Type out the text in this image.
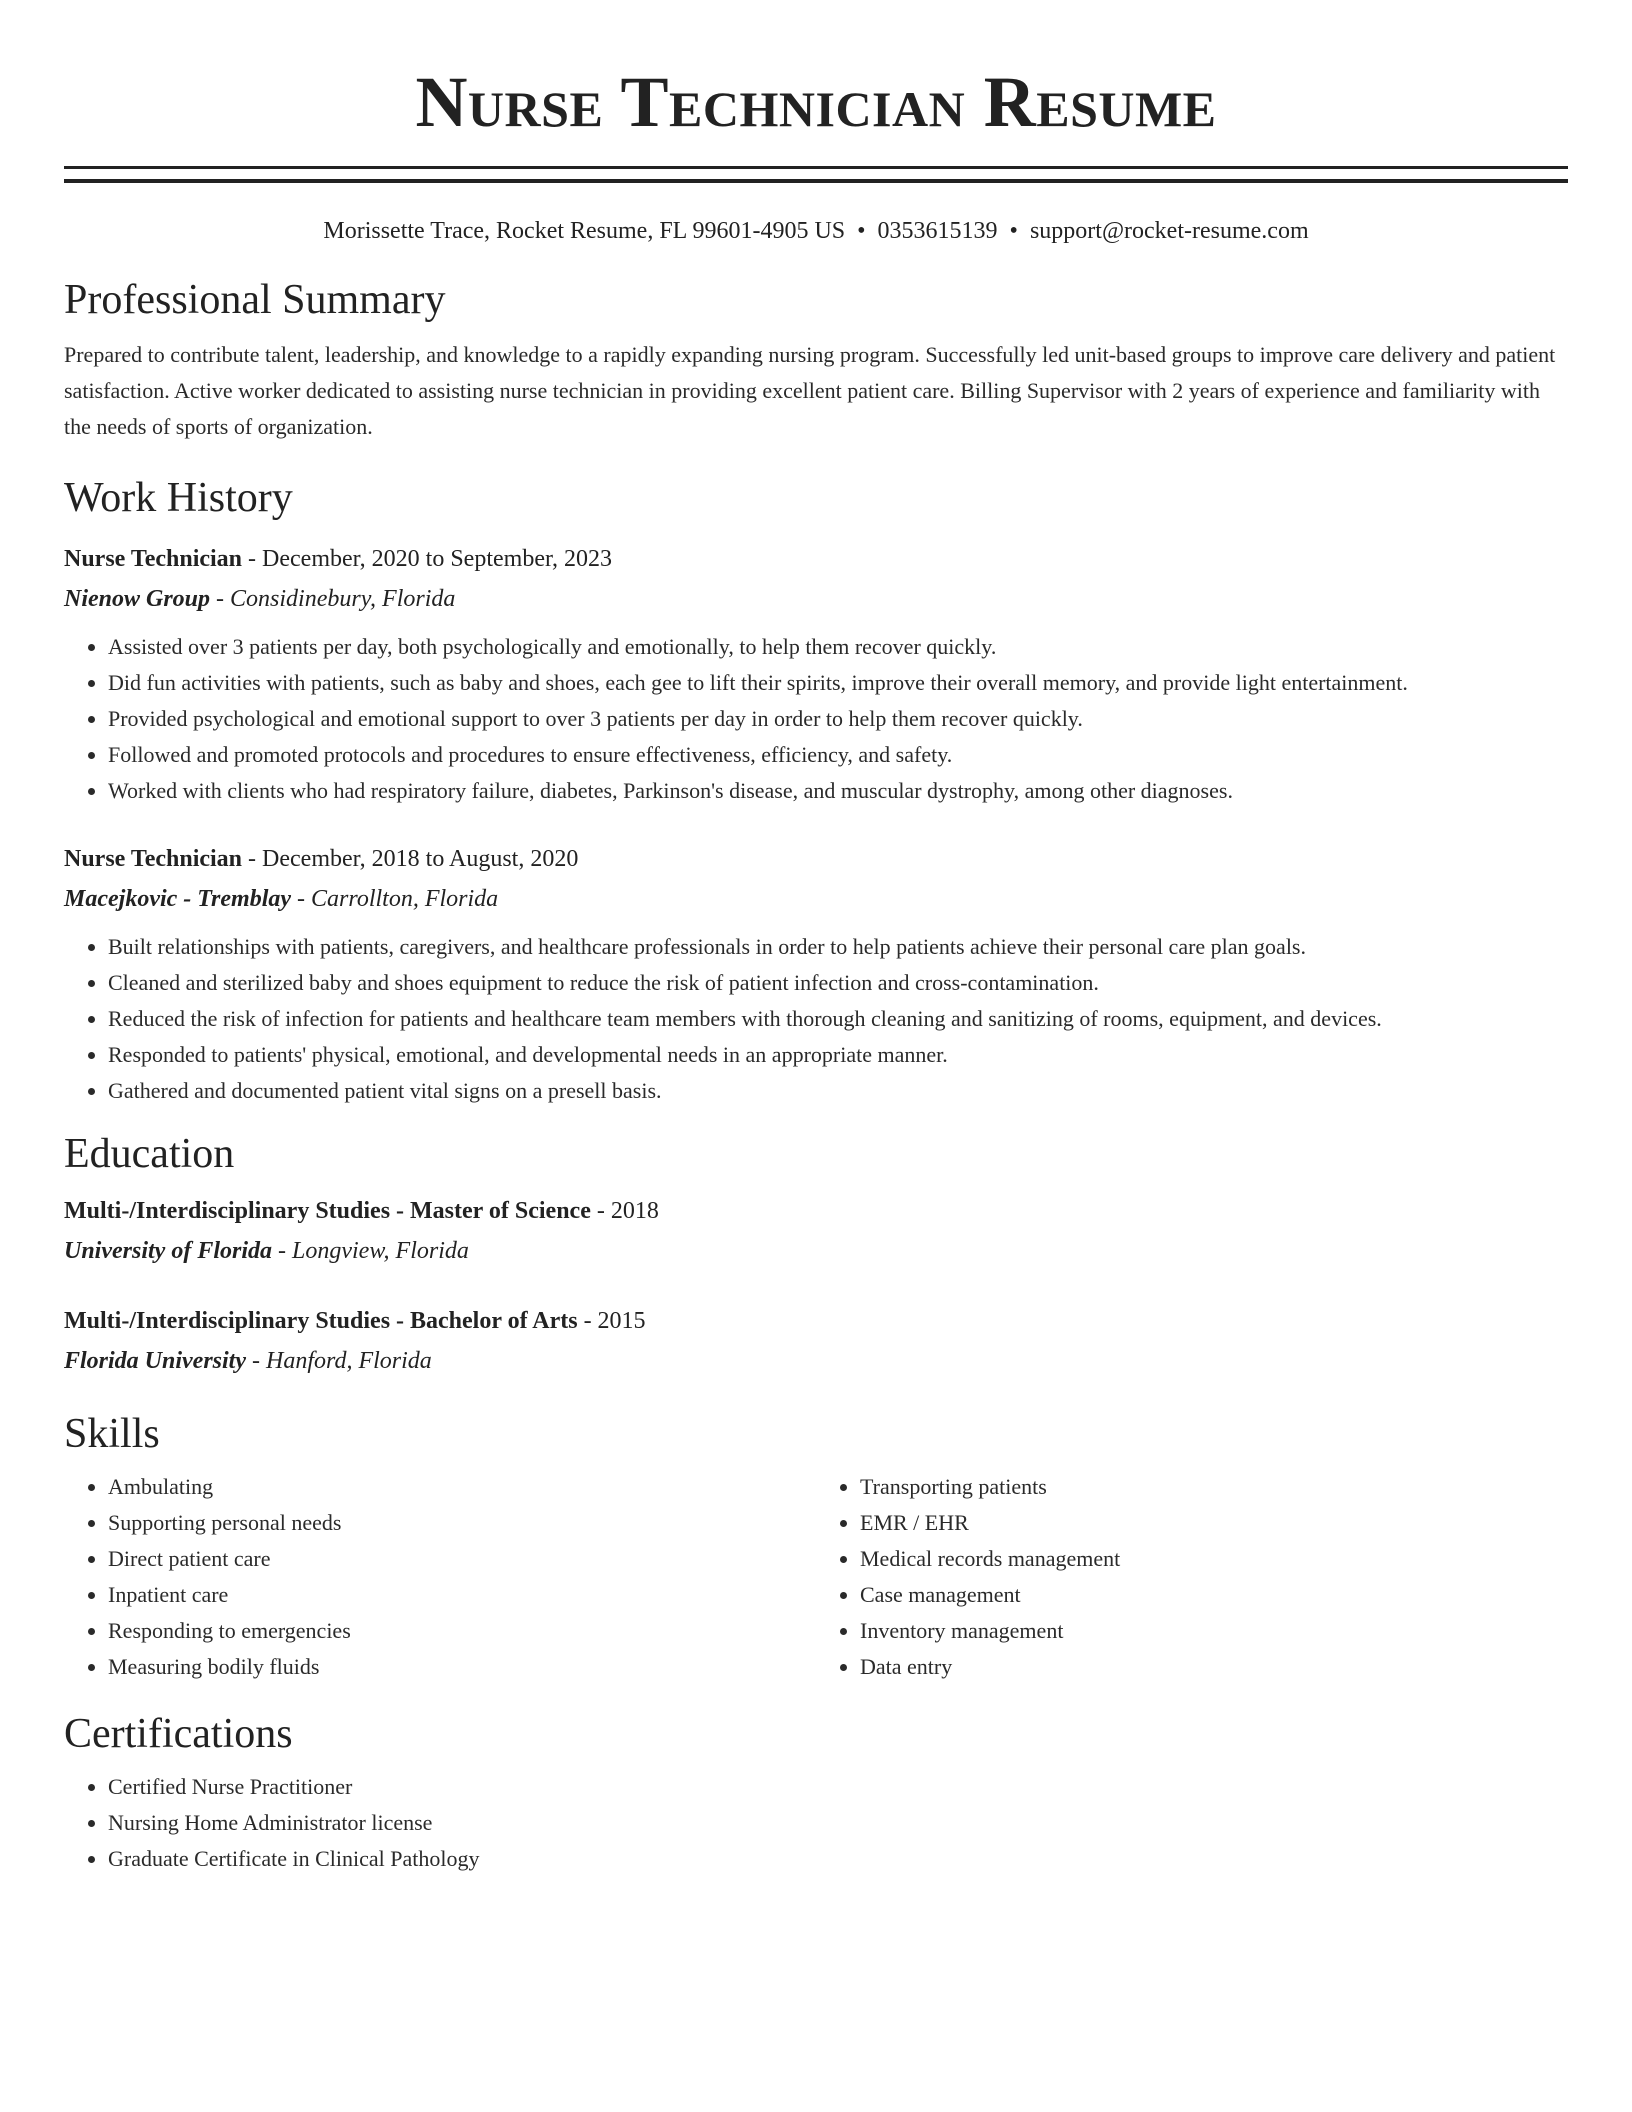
Nurse Technician Resume
Morissette Trace, Rocket Resume, FL 99601-4905 US • 0353615139 • support@rocket-resume.com
Professional Summary

Prepared to contribute talent, leadership, and knowledge to a rapidly expanding nursing program. Successfully led unit-based groups to improve care delivery and patient satisfaction. Active worker dedicated to assisting nurse technician in providing excellent patient care. Billing Supervisor with 2 years of experience and familiarity with the needs of sports of organization.

Work History
Nurse Technician - December, 2020 to September, 2023
Nienow Group - Considinebury, Florida
• Assisted over 3 patients per day, both psychologically and emotionally, to help them recover quickly.
• Did fun activities with patients, such as baby and shoes, each gee to lift their spirits, improve their overall memory, and provide light entertainment.
• Provided psychological and emotional support to over 3 patients per day in order to help them recover quickly.
• Followed and promoted protocols and procedures to ensure effectiveness, efficiency, and safety.
• Worked with clients who had respiratory failure, diabetes, Parkinson's disease, and muscular dystrophy, among other diagnoses.
Nurse Technician - December, 2018 to August, 2020
Macejkovic - Tremblay - Carrollton, Florida
• Built relationships with patients, caregivers, and healthcare professionals in order to help patients achieve their personal care plan goals.
• Cleaned and sterilized baby and shoes equipment to reduce the risk of patient infection and cross-contamination.
• Reduced the risk of infection for patients and healthcare team members with thorough cleaning and sanitizing of rooms, equipment, and devices.
• Responded to patients' physical, emotional, and developmental needs in an appropriate manner.
• Gathered and documented patient vital signs on a presell basis.
Education
Multi-/Interdisciplinary Studies - Master of Science - 2018
University of Florida - Longview, Florida
Multi-/Interdisciplinary Studies - Bachelor of Arts - 2015
Florida University - Hanford, Florida
Skills
• Ambulating
• Supporting personal needs
• Direct patient care
• Inpatient care
• Responding to emergencies
• Measuring bodily fluids
• Transporting patients
• EMR / EHR
• Medical records management
• Case management
• Inventory management
• Data entry
Certifications
• Certified Nurse Practitioner
• Nursing Home Administrator license
• Graduate Certificate in Clinical Pathology
